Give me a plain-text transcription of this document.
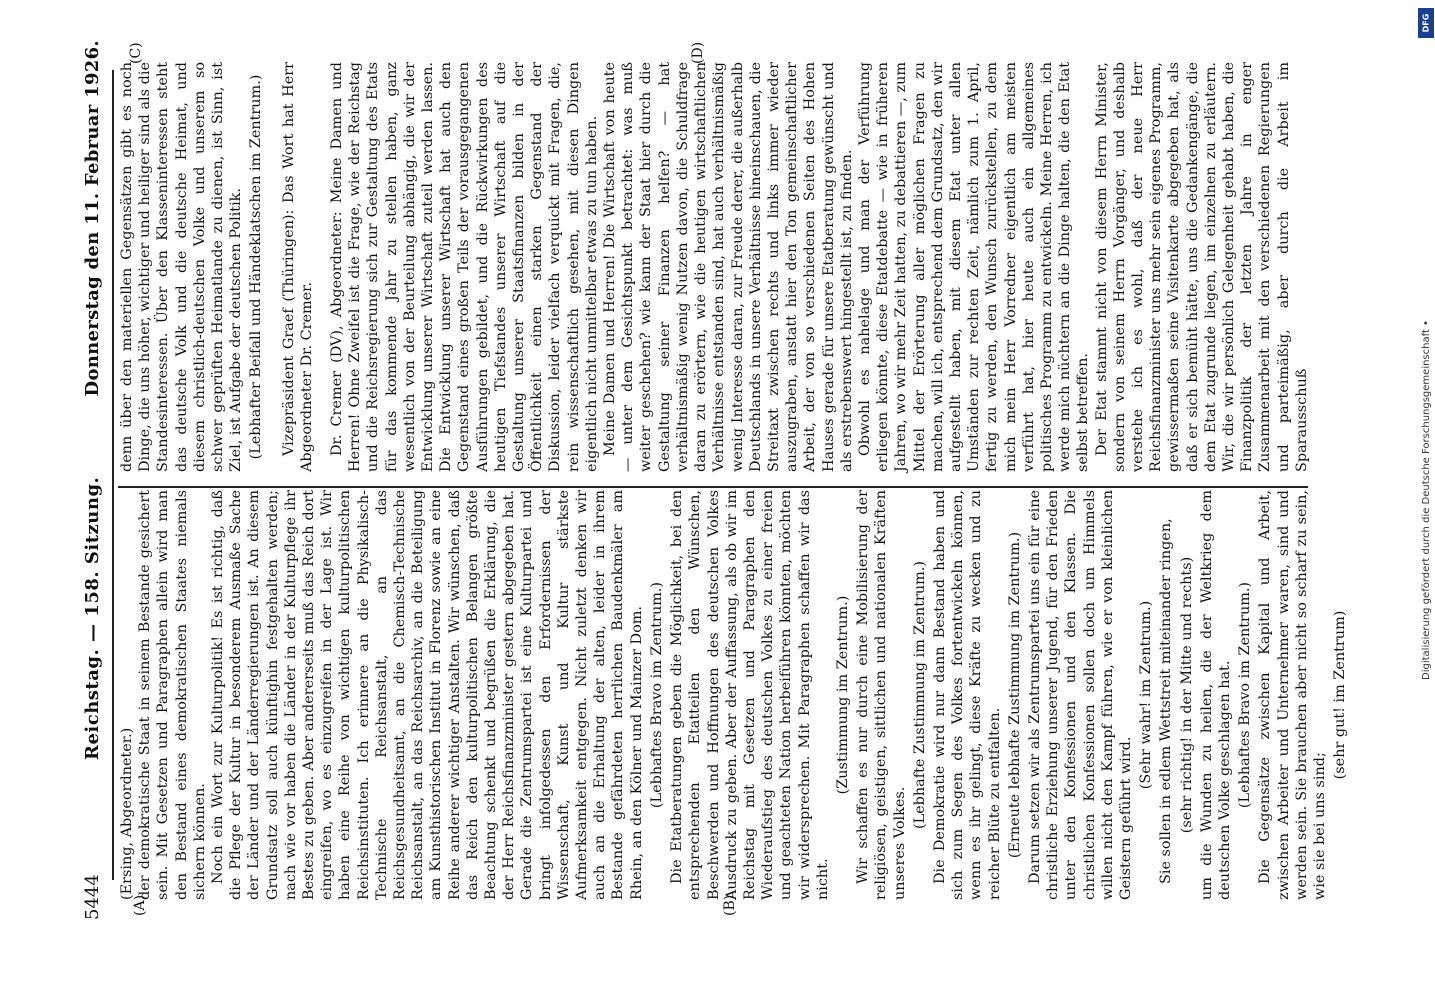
5444
Reichstag. — 158. Sitzung.
Donnerstag den 11. Februar 1926.
(A)	(B)
(C)	(D)

(Ersing, Abgeordneter.) der demokratische Staat in seinem Bestande gesichert sein. Mit Gesetzen und Paragraphen allein wird man den Bestand eines demokratischen Staates niemals sichern können. Noch ein Wort zur Kulturpolitik! Es ist richtig, daß die Pflege der Kultur in besonderem Ausmaße Sache der Länder und der Länderregierungen ist. An diesem Grundsatz soll auch künftighin festgehalten werden; nach wie vor haben die Länder in der Kulturpflege ihr Bestes zu geben. Aber andererseits muß das Reich dort eingreifen, wo es einzugreifen in der Lage ist. Wir haben eine Reihe von wichtigen kulturpolitischen Reichsinstituten. Ich erinnere an die Physikalisch-Technische Reichsanstalt, an das Reichsgesundheitsamt, an die Chemisch-Technische Reichsanstalt, an das Reichsarchiv, an die Beteiligung am Kunsthistorischen Institut in Florenz sowie an eine Reihe anderer wichtiger Anstalten. Wir wünschen, daß das Reich den kulturpolitischen Belangen größte Beachtung schenkt und begrüßen die Erklärung, die der Herr Reichsfinanzminister gestern abgegeben hat. Gerade die Zentrumspartei ist eine Kulturpartei und bringt infolgedessen den Erfordernissen der Wissenschaft, Kunst und Kultur stärkste Aufmerksamkeit entgegen. Nicht zuletzt denken wir auch an die Erhaltung der alten, leider in ihrem Bestande gefährdeten herrlichen Baudenkmäler am Rhein, an den Kölner und Mainzer Dom. (Lebhaftes Bravo im Zentrum.) Die Etatberatungen geben die Möglichkeit, bei den entsprechenden Etatteilen den Wünschen, Beschwerden und Hoffnungen des deutschen Volkes Ausdruck zu geben. Aber der Auffassung, als ob wir im Reichstag mit Gesetzen und Paragraphen den Wiederaufstieg des deutschen Volkes zu einer freien und geachteten Nation herbeiführen könnten, möchten wir widersprechen. Mit Paragraphen schaffen wir das nicht.

(Zustimmung im Zentrum.) Wir schaffen es nur durch eine Mobilisierung der religiösen, geistigen, sittlichen und nationalen Kräften unseres Volkes.

(Lebhafte Zustimmung im Zentrum.) Die Demokratie wird nur dann Bestand haben und sich zum Segen des Volkes fortentwickeln können, wenn es ihr gelingt, diese Kräfte zu wecken und zu reicher Blüte zu entfalten. (Erneute lebhafte Zustimmung im Zentrum.) Darum setzen wir als Zentrumspartei uns ein für eine christliche Erziehung unserer Jugend, für den Frieden unter den Konfessionen und den Klassen. Die christlichen Konfessionen sollen doch um Himmels willen nicht den Kampf führen, wie er von kleinlichen Geistern geführt wird.

(Sehr wahr! im Zentrum.) Sie sollen in edlem Wettstreit miteinander ringen, (sehr richtig! in der Mitte und rechts) um die Wunden zu heilen, die der Weltkrieg dem deutschen Volke geschlagen hat. (Lebhaftes Bravo im Zentrum.) Die Gegensätze zwischen Kapital und Arbeit, zwischen Arbeiter und Unternehmer waren, sind und werden sein. Sie brauchen aber nicht so scharf zu sein, wie sie bei uns sind;

(sehr gut! im Zentrum)

denn über den materiellen Gegensätzen gibt es noch Dinge, die uns höher, wichtiger und heiliger sind als die Standesinteressen. Über den Klasseninteressen steht das deutsche Volk und die deutsche Heimat, und diesem christlich-deutschen Volke und unserem so schwer geprüften Heimatlande zu dienen, ist Sinn, ist Ziel, ist Aufgabe der deutschen Politik. (Lebhafter Beifall und Händeklatschen im Zentrum.) Vizepräsident Graef (Thüringen): Das Wort hat Herr Abgeordneter Dr. Cremer. Dr. Cremer (DV), Abgeordneter: Meine Damen und Herren! Ohne Zweifel ist die Frage, wie der Reichstag und die Reichsregierung sich zur Gestaltung des Etats für das kommende Jahr zu stellen haben, ganz wesentlich von der Beurteilung abhängig, die wir der Entwicklung unserer Wirtschaft zuteil werden lassen. Die Entwicklung unserer Wirtschaft hat auch den Gegenstand eines großen Teils der vorausgegangenen Ausführungen gebildet, und die Rückwirkungen des heutigen Tiefstandes unserer Wirtschaft auf die Gestaltung unserer Staatsfinanzen bilden in der Öffentlichkeit einen starken Gegenstand der Diskussion, leider vielfach verquickt mit Fragen, die, rein wissenschaftlich gesehen, mit diesen Dingen eigentlich nicht unmittelbar etwas zu tun haben. Meine Damen und Herren! Die Wirtschaft von heute — unter dem Gesichtspunkt betrachtet: was muß weiter geschehen? wie kann der Staat hier durch die Gestaltung seiner Finanzen helfen? — hat verhältnismäßig wenig Nutzen davon, die Schuldfrage daran zu erörtern, wie die heutigen wirtschaftlichen Verhältnisse entstanden sind, hat auch verhältnismäßig wenig Interesse daran, zur Freude derer, die außerhalb Deutschlands in unsere Verhältnisse hineinschauen, die Streitaxt zwischen rechts und links immer wieder auszugraben, anstatt hier den Ton gemeinschaftlicher Arbeit, der von so verschiedenen Seiten des Hohen Hauses gerade für unsere Etatberatung gewünscht und als erstrebenswert hingestellt ist, zu finden. Obwohl es nahelage und man der Verführung erliegen könnte, diese Etatdebatte — wie in früheren Jahren, wo wir mehr Zeit hatten, zu debattieren —, zum Mittel der Erörterung aller möglichen Fragen zu machen, will ich, entsprechend dem Grundsatz, den wir aufgestellt haben, mit diesem Etat unter allen Umständen zur rechten Zeit, nämlich zum 1. April, fertig zu werden, den Wunsch zurückstellen, zu dem mich mein Herr Vorredner eigentlich am meisten verführt hat, hier heute auch ein allgemeines politisches Programm zu entwickeln. Meine Herren, ich werde mich nüchtern an die Dinge halten, die den Etat selbst betreffen. Der Etat stammt nicht von diesem Herrn Minister, sondern von seinem Herrn Vorgänger, und deshalb verstehe ich es wohl, daß der neue Herr Reichsfinanzminister uns mehr sein eigenes Programm, gewissermaßen seine Visitenkarte abgegeben hat, als daß er sich bemüht hätte, uns die Gedankengänge, die dem Etat zugrunde liegen, im einzelnen zu erläutern. Wir, die wir persönlich Gelegenheit gehabt haben, die Finanzpolitik der letzten Jahre in enger Zusammenarbeit mit den verschiedenen Regierungen und parteimäßig, aber durch die Arbeit im Sparausschuß	Digitalisierung gefördert durch die Deutsche Forschungsgemeinschaft •
DFG
